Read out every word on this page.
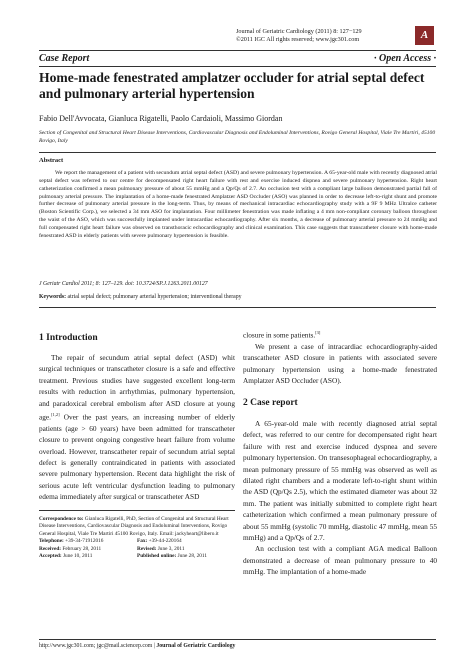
Journal of Geriatric Cardiology (2011) 8: 127−129
©2011 IGC All rights reserved; www.jgc301.com	A
Case Report	· Open Access ·
Home-made fenestrated amplatzer occluder for atrial septal defect and pulmonary arterial hypertension
Fabio Dell'Avvocata, Gianluca Rigatelli, Paolo Cardaioli, Massimo Giordan
Section of Congenital and Structural Heart Disease Interventions, Cardiovascular Diagnosis and Endoluminal Interventions, Rovigo General Hospital, Viale Tre Martiri, 45100 Rovigo, Italy
Abstract

We report the management of a patient with secundum atrial septal defect (ASD) and severe pulmonary hypertension. A 65-year-old male with recently diagnosed atrial septal defect was referred to our centre for decompensated right heart failure with rest and exercise induced dispnea and severe pulmonary hypertension. Right heart catheterization confirmed a mean pulmonary pressure of about 55 mmHg and a Qp/Qs of 2.7. An occlusion test with a compliant large balloon demonstrated partial fall of pulmonary arterial pressure. The implantation of a home-made fenestrated Amplatzer ASD Occluder (ASO) was planned in order to decrease left-to-right shunt and promote further decrease of pulmonary arterial pressure in the long-term. Thus, by means of mechanical intracardiac echocardiography study with a 9F 9 MHz Ultralce catheter (Boston Scientific Corp.), we selected a 34 mm ASO for implantation. Four millimeter fenestration was made inflating a 4 mm non-compliant coronary balloon throughout the waist of the ASO, which was successfully implanted under intracardiac echocardiography. After six months, a decrease of pulmonary arterial pressure to 24 mmHg and full compensated right heart failure was observed on transthoracic echocardiography and clinical examination. This case suggests that transcatheter closure with home-made fenestrated ASD in elderly patients with severe pulmonary hypertension is feasible.

J Geriatr Cardiol 2011; 8: 127–129. doi: 10.3724/SP.J.1263.2011.00127
Keywords: atrial septal defect; pulmonary arterial hypertension; interventional therapy
1 Introduction

The repair of secundum atrial septal defect (ASD) whit surgical techniques or transcatheter closure is a safe and effective treatment. Previous studies have suggested excellent long-term results with reduction in arrhythmias, pulmonary hypertension, and paradoxical cerebral embolism after ASD closure at young age.[1,2] Over the past years, an increasing number of elderly patients (age > 60 years) have been admitted for transcatheter closure to prevent ongoing congestive heart failure from volume overload. However, transcatheter repair of secundum atrial septal defect is generally contraindicated in patients with associated severe pulmonary hypertension. Recent data highlight the risk of serious acute left ventricular dysfunction leading to pulmonary edema immediately after surgical or transcatheter ASD

Correspondence to: Gianluca Rigatelli, PhD, Section of Congenital and Structural Heart Disease Interventions, Cardiovascular Diagnosis and Endoluminal Interventions, Rovigo General Hospital, Viale Tre Martiri 45100 Rovigo, Italy. Email: jackyheart@libero.it
Telephone: +39-34-71912016	Fax: +39-44-220164
Received: February 28, 2011	Revised: June 3, 2011
Accepted: June 10, 2011	Published online: June 28, 2011

closure in some patients.[3]

We present a case of intracardiac echocardiography-aided transcatheter ASD closure in patients with associated severe pulmonary hypertension using a home-made fenestrated Amplatzer ASD Occluder (ASO).

2 Case report

A 65-year-old male with recently diagnosed atrial septal defect, was referred to our centre for decompensated right heart failure with rest and exercise induced dyspnea and severe pulmonary hypertension. On transesophageal echocardiography, a mean pulmonary pressure of 55 mmHg was observed as well as dilated right chambers and a moderate left-to-right shunt within the ASD (Qp/Qs 2.5), which the estimated diameter was about 32 mm. The patient was initially submitted to complete right heart catheterization which confirmed a mean pulmonary pressure of about 55 mmHg (systolic 70 mmHg, diastolic 47 mmHg, mean 55 mmHg) and a Qp/Qs of 2.7.

An occlusion test with a compliant AGA medical Balloon demonstrated a decrease of mean pulmonary pressure to 40 mmHg. The implantation of a home-made

http://www.jgc301.com; jgc@mail.sciencep.com | Journal of Geriatric Cardiology
